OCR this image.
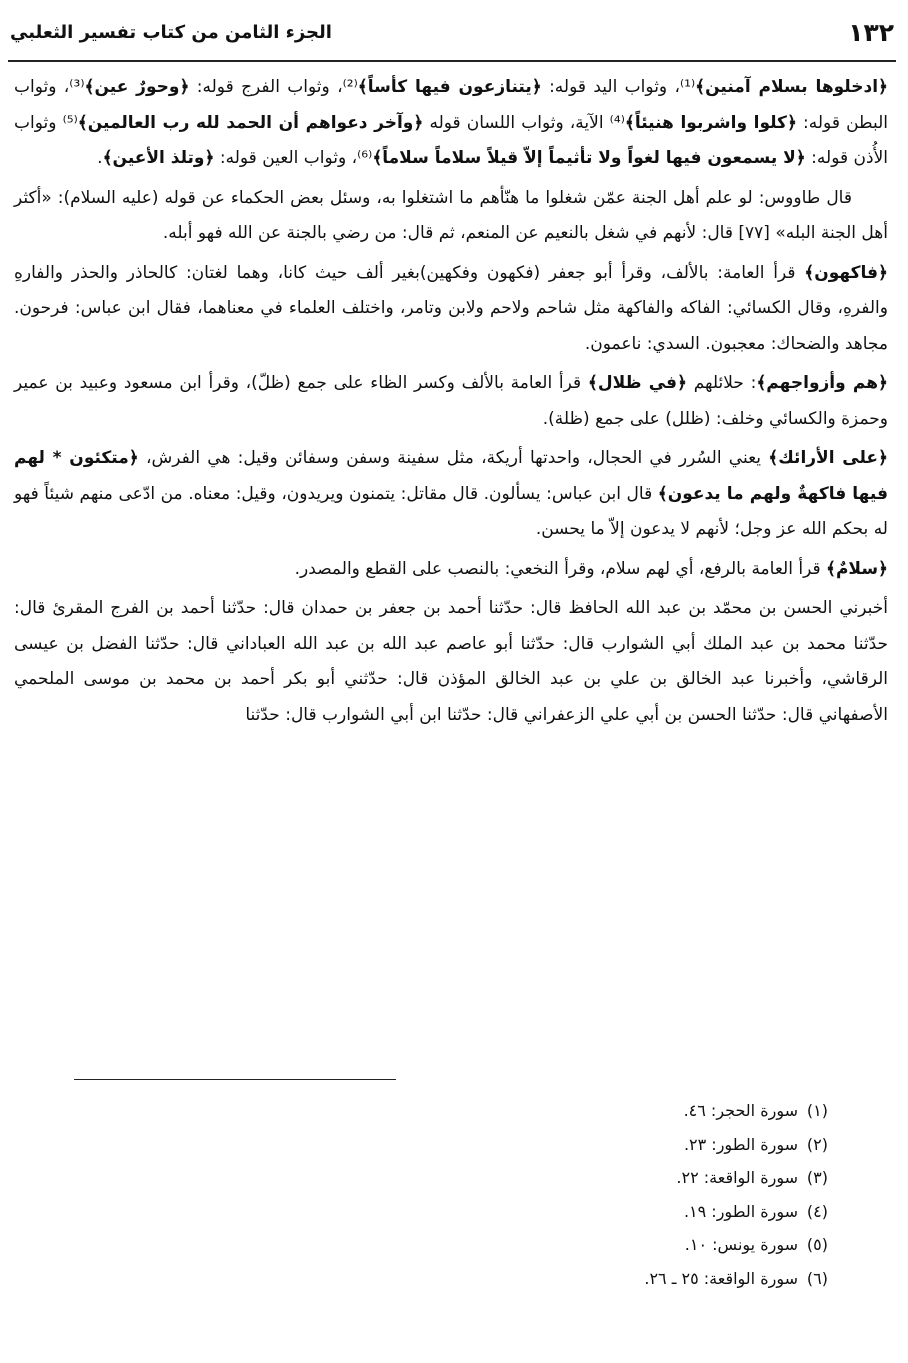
١٣٢
الجزء الثامن من كتاب تفسير الثعلبي

﴿ادخلوها بسلام آمنين﴾⁽¹⁾، وثواب اليد قوله: ﴿يتنازعون فيها كأساً﴾⁽²⁾، وثواب الفرج قوله: ﴿وحورٌ عين﴾⁽³⁾، وثواب البطن قوله: ﴿كلوا واشربوا هنيئاً﴾⁽⁴⁾ الآية، وثواب اللسان قوله ﴿وآخر دعواهم أن الحمد لله رب العالمين﴾⁽⁵⁾ وثواب الأُذن قوله: ﴿لا يسمعون فيها لغواً ولا تأثيماً إلاّ قيلاً سلاماً سلاماً﴾⁽⁶⁾، وثواب العين قوله: ﴿وتلذ الأعين﴾.

قال طاووس: لو علم أهل الجنة عمّن شغلوا ما هنّأهم ما اشتغلوا به، وسئل بعض الحكماء عن قوله (عليه السلام): «أكثر أهل الجنة البله» [٧٧] قال: لأنهم في شغل بالنعيم عن المنعم، ثم قال: من رضي بالجنة عن الله فهو أبله.

﴿فاكهون﴾ قرأ العامة: بالألف، وقرأ أبو جعفر (فكهون وفكهين)بغير ألف حيث كانا، وهما لغتان: كالحاذر والحذر والفارهِ والفرهِ، وقال الكسائي: الفاكه والفاكهة مثل شاحم ولاحم ولابن وتامر، واختلف العلماء في معناهما، فقال ابن عباس: فرحون. مجاهد والضحاك: معجبون. السدي: ناعمون.

﴿هم وأزواجهم﴾: حلائلهم ﴿في ظلال﴾ قرأ العامة بالألف وكسر الظاء على جمع (ظلّ)، وقرأ ابن مسعود وعبيد بن عمير وحمزة والكسائي وخلف: (ظلل) على جمع (ظلة).

﴿على الأرائك﴾ يعني السُرر في الحجال، واحدتها أريكة، مثل سفينة وسفن وسفائن وقيل: هي الفرش، ﴿متكئون * لهم فيها فاكهةٌ ولهم ما يدعون﴾ قال ابن عباس: يسألون. قال مقاتل: يتمنون ويريدون، وقيل: معناه. من ادّعى منهم شيئاً فهو له بحكم الله عز وجل؛ لأنهم لا يدعون إلاّ ما يحسن.

﴿سلامٌ﴾ قرأ العامة بالرفع، أي لهم سلام، وقرأ النخعي: بالنصب على القطع والمصدر.

أخبرني الحسن بن محمّد بن عبد الله الحافظ قال: حدّثنا أحمد بن جعفر بن حمدان قال: حدّثنا أحمد بن الفرج المقرئ قال: حدّثنا محمد بن عبد الملك أبي الشوارب قال: حدّثنا أبو عاصم عبد الله بن عبد الله العباداني قال: حدّثنا الفضل بن عيسى الرقاشي، وأخبرنا عبد الخالق بن علي بن عبد الخالق المؤذن قال: حدّثني أبو بكر أحمد بن محمد بن موسى الملحمي الأصفهاني قال: حدّثنا الحسن بن أبي علي الزعفراني قال: حدّثنا ابن أبي الشوارب قال: حدّثنا

(١)سورة الحجر: ٤٦.
(٢)سورة الطور: ٢٣.
(٣)سورة الواقعة: ٢٢.
(٤)سورة الطور: ١٩.
(٥)سورة يونس: ١٠.
(٦)سورة الواقعة: ٢٥ ـ ٢٦.
